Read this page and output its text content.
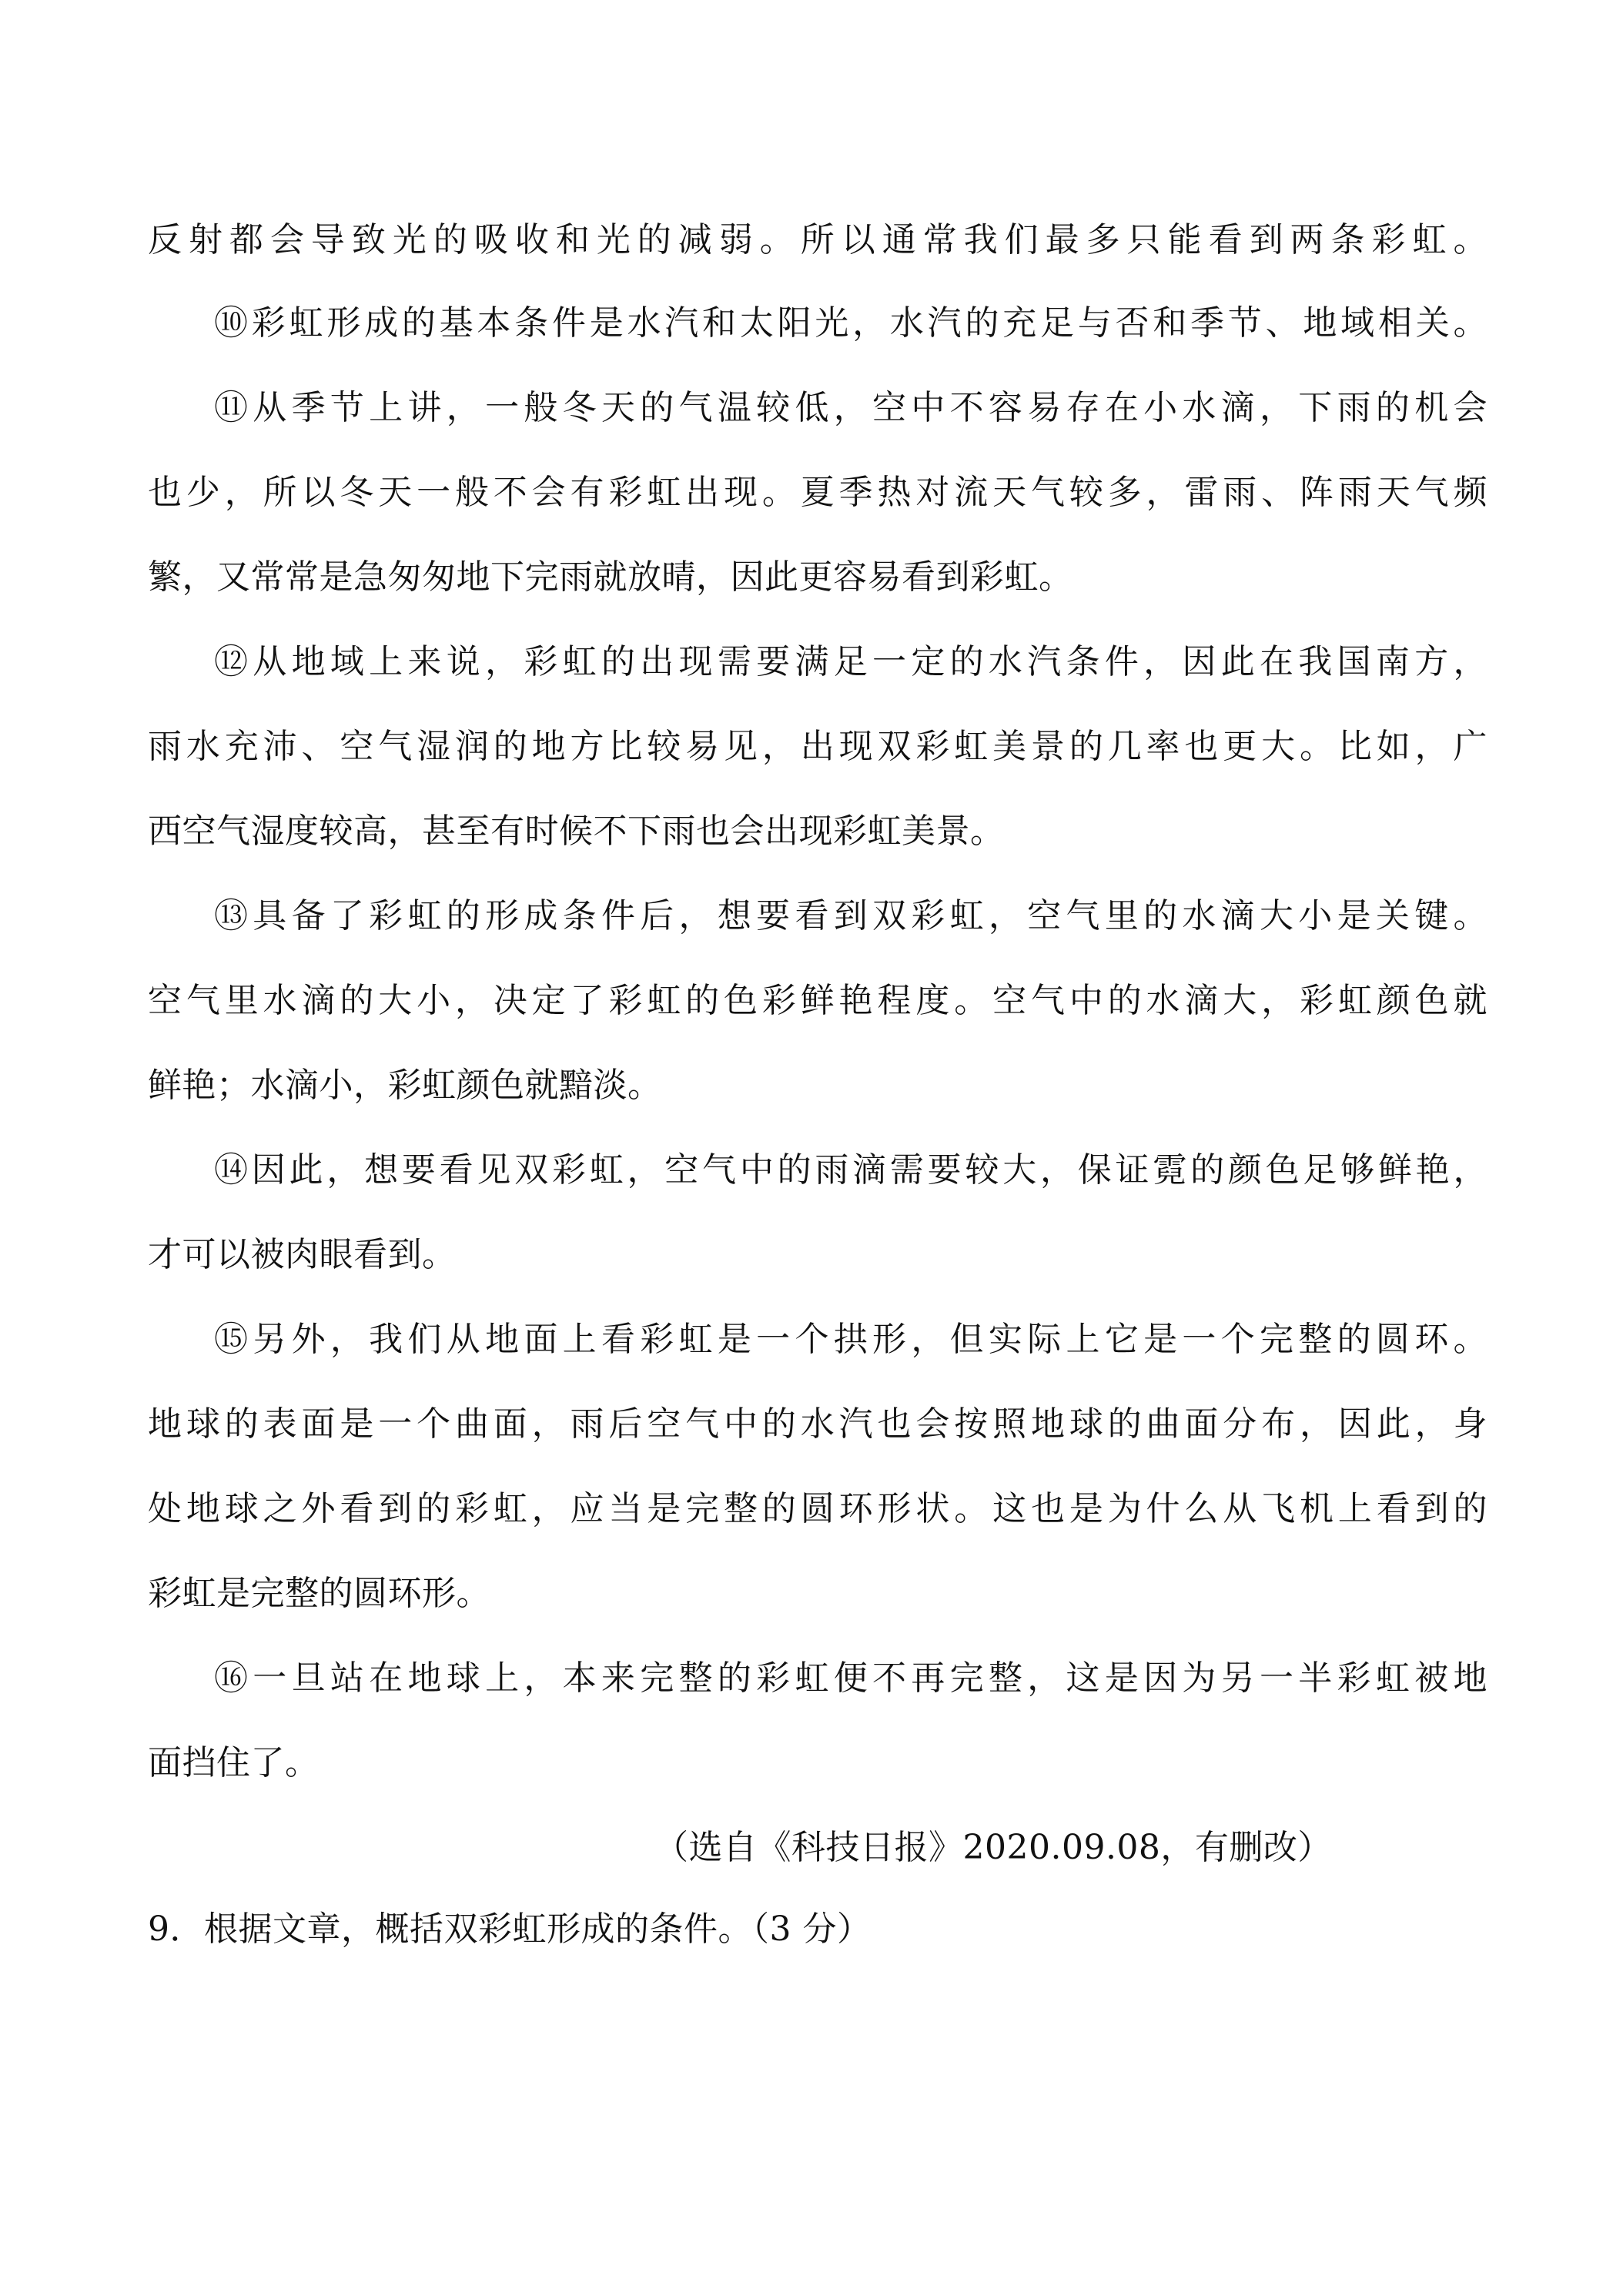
反射都会导致光的吸收和光的减弱。所以通常我们最多只能看到两条彩虹。
⑩彩虹形成的基本条件是水汽和太阳光，水汽的充足与否和季节、地域相关。
⑪从季节上讲，一般冬天的气温较低，空中不容易存在小水滴，下雨的机会
也少，所以冬天一般不会有彩虹出现。夏季热对流天气较多，雷雨、阵雨天气频
繁，又常常是急匆匆地下完雨就放晴，因此更容易看到彩虹。
⑫从地域上来说，彩虹的出现需要满足一定的水汽条件，因此在我国南方，
雨水充沛、空气湿润的地方比较易见，出现双彩虹美景的几率也更大。比如，广
西空气湿度较高，甚至有时候不下雨也会出现彩虹美景。
⑬具备了彩虹的形成条件后，想要看到双彩虹，空气里的水滴大小是关键。
空气里水滴的大小，决定了彩虹的色彩鲜艳程度。空气中的水滴大，彩虹颜色就
鲜艳；水滴小，彩虹颜色就黯淡。
⑭因此，想要看见双彩虹，空气中的雨滴需要较大，保证霓的颜色足够鲜艳，
才可以被肉眼看到。
⑮另外，我们从地面上看彩虹是一个拱形，但实际上它是一个完整的圆环。
地球的表面是一个曲面，雨后空气中的水汽也会按照地球的曲面分布，因此，身
处地球之外看到的彩虹，应当是完整的圆环形状。这也是为什么从飞机上看到的
彩虹是完整的圆环形。
⑯一旦站在地球上，本来完整的彩虹便不再完整，这是因为另一半彩虹被地
面挡住了。
（选自《科技日报》2020.09.08，有删改）
9．根据文章，概括双彩虹形成的条件。（3 分）
